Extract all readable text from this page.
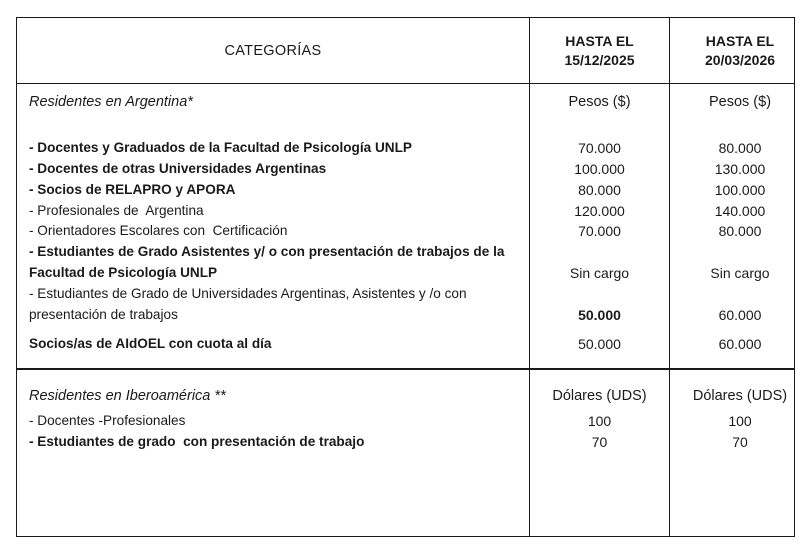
CATEGORÍAS
HASTA EL
15/12/2025
HASTA EL
20/03/2026

Residentes en Argentina*

- Docentes y Graduados de la Facultad de Psicología UNLP

- Docentes de otras Universidades Argentinas

- Socios de RELAPRO y APORA

- Profesionales de  Argentina

- Orientadores Escolares con  Certificación

- Estudiantes de Grado Asistentes y/ o con presentación de trabajos de la Facultad de Psicología UNLP

- Estudiantes de Grado de Universidades Argentinas, Asistentes y /o con presentación de trabajos

Socios/as de AIdOEL con cuota al día

Pesos ($)

70.000

100.000

80.000

120.000

70.000

Sin cargo

50.000

50.000

Pesos ($)

80.000

130.000

100.000

140.000

80.000

Sin cargo

60.000

60.000

Residentes en Iberoamérica **

- Docentes -Profesionales

- Estudiantes de grado  con presentación de trabajo

Dólares (UDS)

100

70

Dólares (UDS)

100

70
